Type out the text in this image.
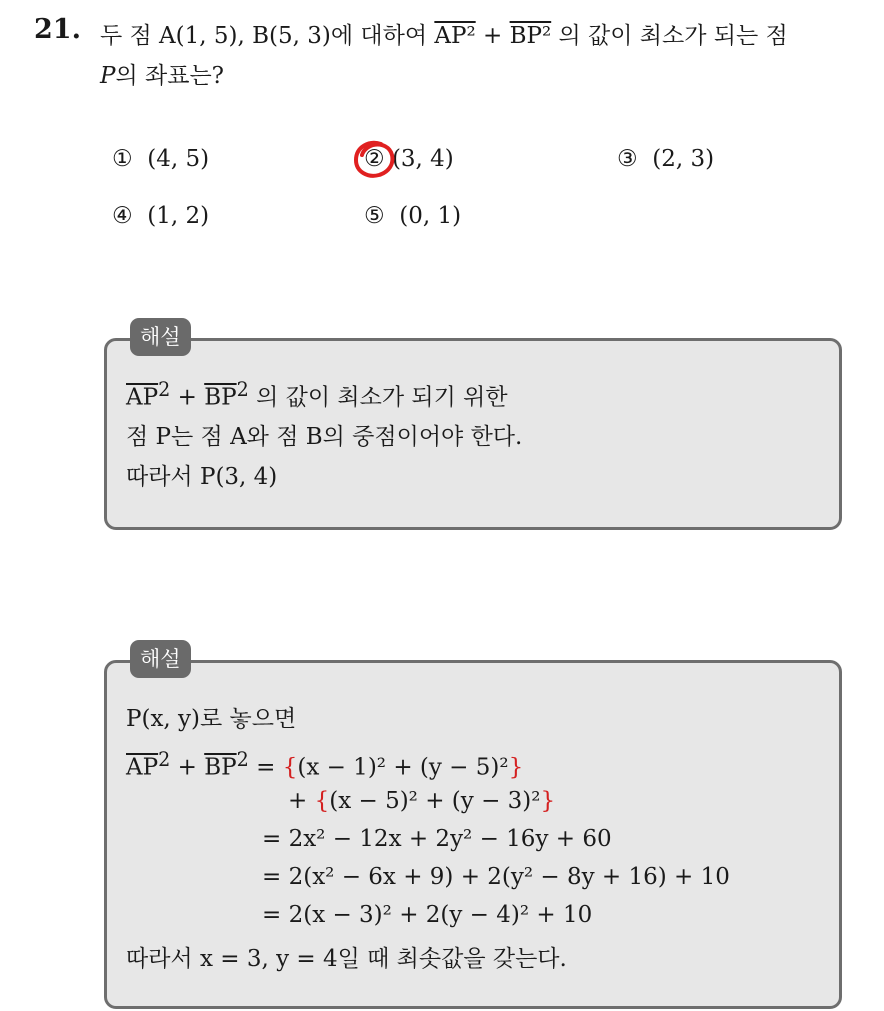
21. 두 점 A(1, 5), B(5, 3)에 대하여 AP² + BP² 의 값이 최소가 되는 점
P의 좌표는?
① (4, 5)	② (3, 4)	③ (2, 3)
④ (1, 2)	⑤ (0, 1)
해설
$\overline{AP}^2 + \overline{BP}^2$ 의 값이 최소가 되기 위한
점 P는 점 A와 점 B의 중점이어야 한다.
따라서 P(3, 4)
해설
P(x, y)로 놓으면
$\overline{AP}^2 + \overline{BP}^2 = \{(x - 1)^2 + (y - 5)^2\}$
+ {(x − 5)² + (y − 3)²}
= 2x² − 12x + 2y² − 16y + 60
= 2(x² − 6x + 9) + 2(y² − 8y + 16) + 10
= 2(x − 3)² + 2(y − 4)² + 10
따라서 x = 3, y = 4일 때 최솟값을 갖는다.
